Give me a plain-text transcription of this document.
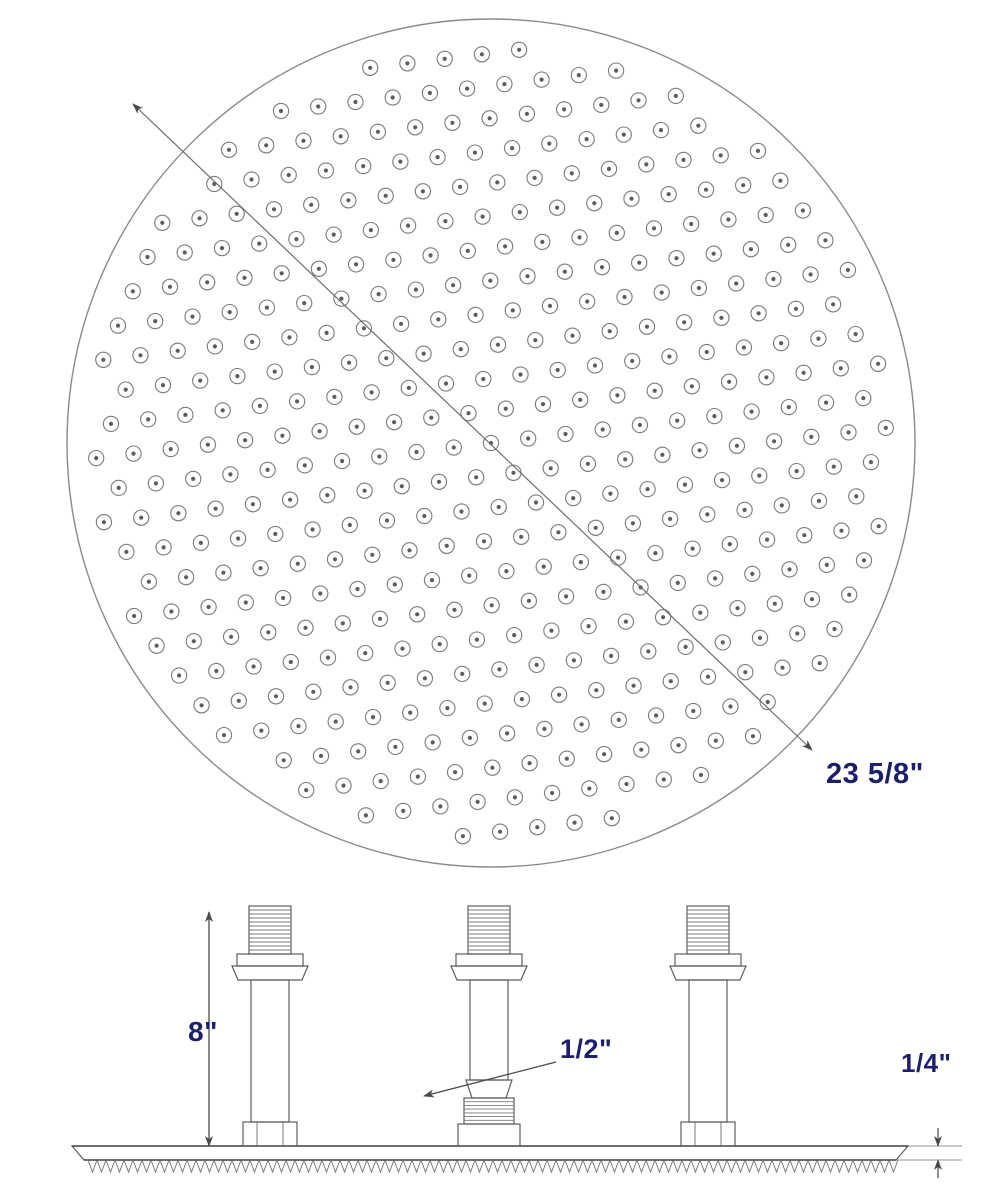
23 5/8"
8"
1/2"	1/4"
